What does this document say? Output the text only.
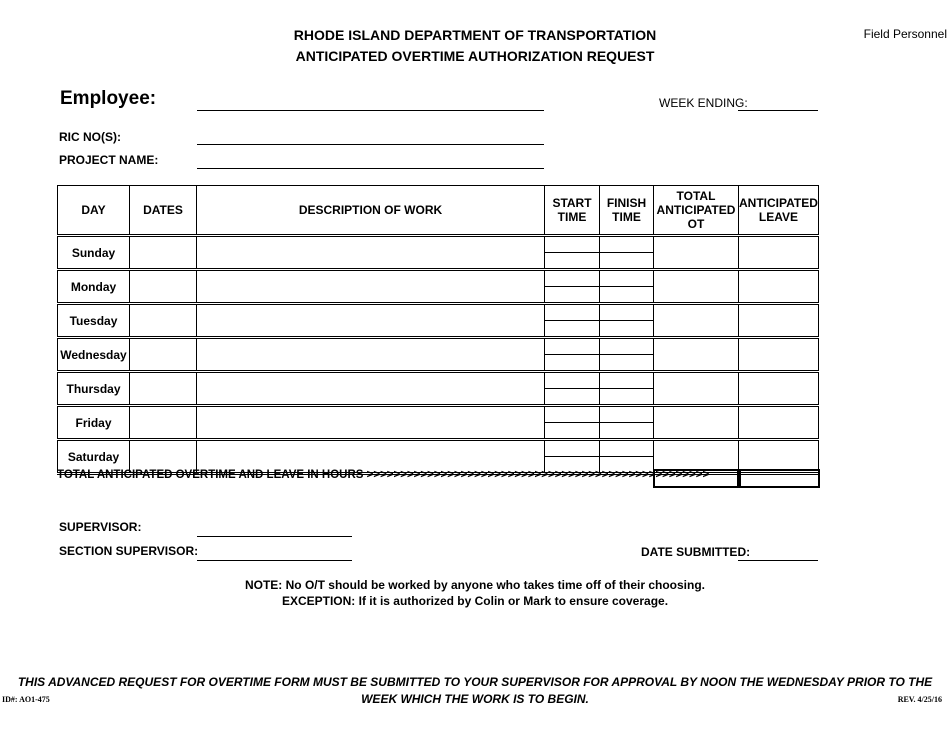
RHODE ISLAND DEPARTMENT OF TRANSPORTATION
ANTICIPATED OVERTIME AUTHORIZATION REQUEST
Field Personnel
Employee:	WEEK ENDING:
RIC NO(S):
PROJECT NAME:
DAY	DATES	DESCRIPTION OF WORK	START TIME	FINISH TIME	TOTAL ANTICIPATED OT	ANTICIPATED LEAVE
Sunday			

Monday			

Tuesday			

Wednesday			

Thursday			

Friday			

Saturday			

TOTAL ANTICIPATED OVERTIME AND LEAVE IN HOURS >>>>>>>>>>>>>>>>>>>>>>>>>>>>>>>>>>>>>>>>>>>>>>>>>>>
SUPERVISOR:
SECTION SUPERVISOR:	DATE SUBMITTED:
NOTE: No O/T should be worked by anyone who takes time off of their choosing.
EXCEPTION: If it is authorized by Colin or Mark to ensure coverage.
THIS ADVANCED REQUEST FOR OVERTIME FORM MUST BE SUBMITTED TO YOUR SUPERVISOR FOR APPROVAL BY NOON THE WEDNESDAY PRIOR TO THE WEEK WHICH THE WORK IS TO BEGIN.
ID#: AO1-475	REV. 4/25/16
